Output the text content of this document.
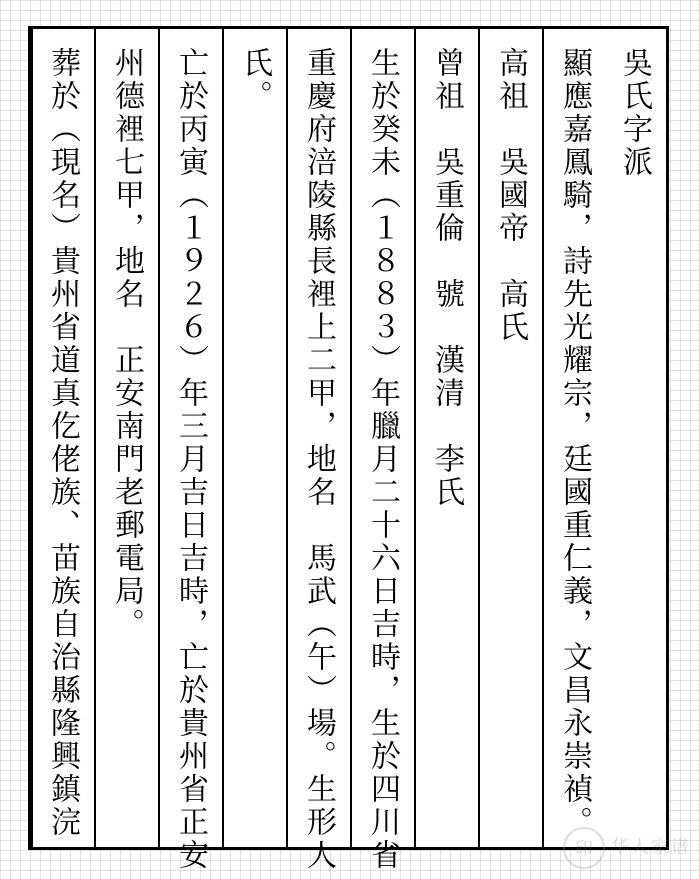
吳氏字派
顯應嘉鳳騎，詩先光耀宗，廷國重仁義，文昌永崇禎。
高祖　吳國帝　高氏
曾祖　吳重倫　號　漢清　李氏
生於癸未（１８８３）年臘月二十六日吉時，生於四川省
重慶府涪陵縣長裡上二甲，地名　馬武（午）場。生形人
氏。
亡於丙寅（１９２６）年三月吉日吉時，亡於貴州省正安
州德裡七甲，地名　正安南門老郵電局。
葬於（現名）貴州省道真仡佬族、苗族自治縣隆興鎮浣
印	华人家谱
